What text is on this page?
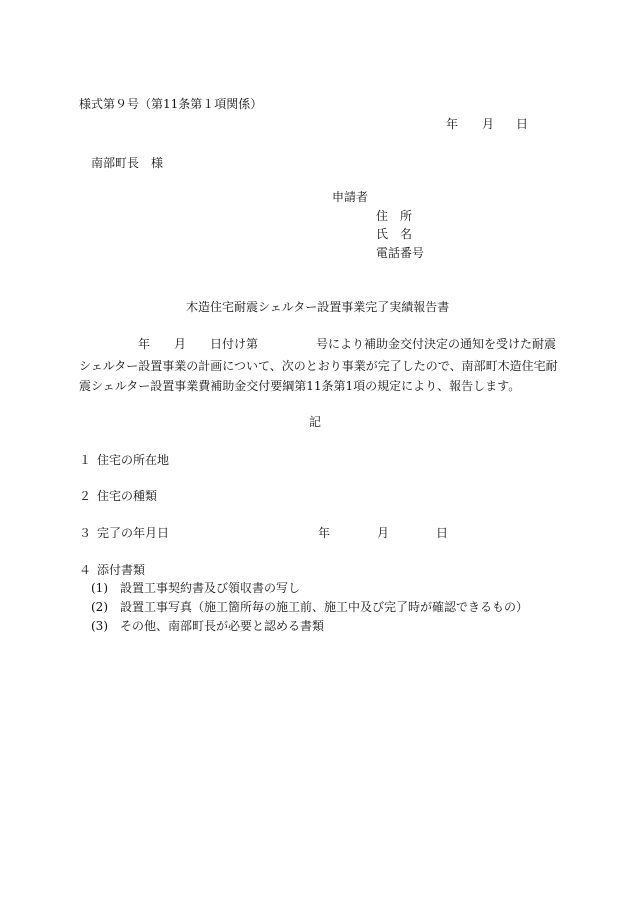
様式第９号（第11条第１項関係）
年 月 日
南部町長　様
申請者
住　所
氏　名
電話番号
木造住宅耐震シェルター設置事業完了実績報告書
年 月 日付け第	号により補助金交付決定の通知を受けた耐震
シェルター設置事業の計画について、次のとおり事業が完了したので、南部町木造住宅耐
震シェルター設置事業費補助金交付要綱第11条第1項の規定により、報告します。
記
１ 住宅の所在地
２ 住宅の種類
３ 完了の年月日	年	月	日
４ 添付書類
(1) 設置工事契約書及び領収書の写し
(2) 設置工事写真（施工箇所毎の施工前、施工中及び完了時が確認できるもの）
(3) その他、南部町長が必要と認める書類
